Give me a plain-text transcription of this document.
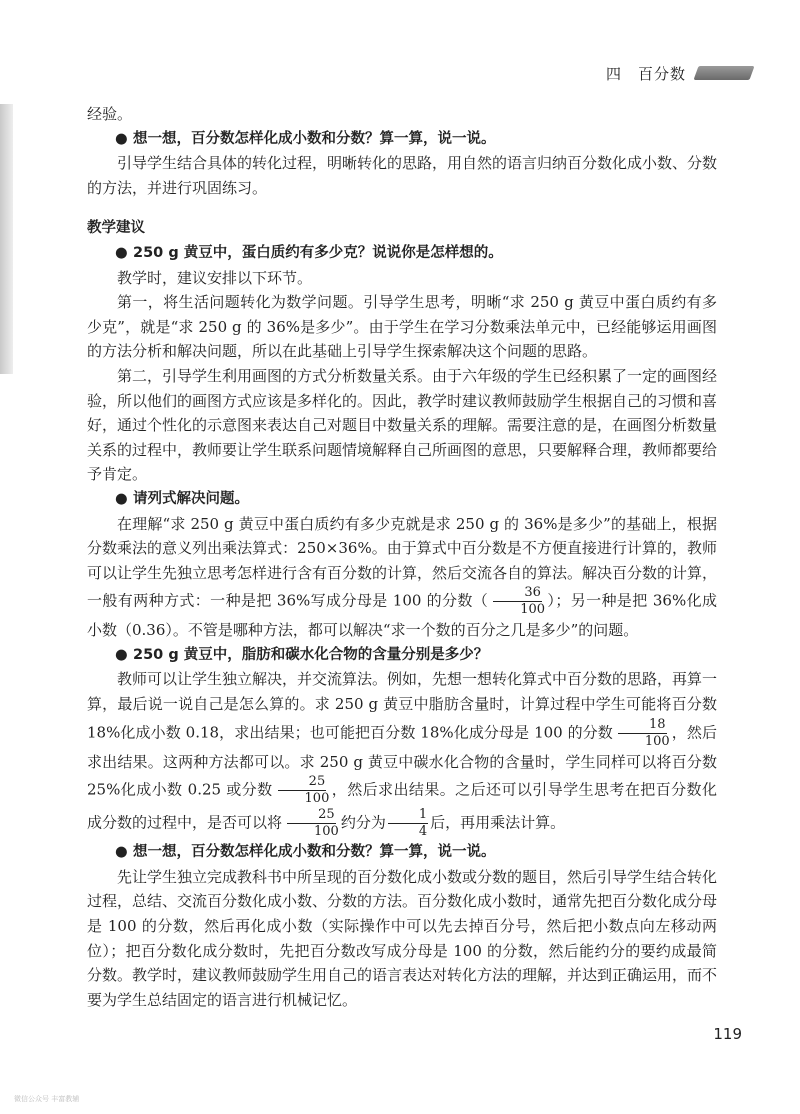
四　百分数

经验。

● 想一想，百分数怎样化成小数和分数？算一算，说一说。

引导学生结合具体的转化过程，明晰转化的思路，用自然的语言归纳百分数化成小数、分数的方法，并进行巩固练习。

教学建议

● 250 g 黄豆中，蛋白质约有多少克？说说你是怎样想的。

教学时，建议安排以下环节。

第一，将生活问题转化为数学问题。引导学生思考，明晰“求 250 g 黄豆中蛋白质约有多少克”，就是“求 250 g 的 36%是多少”。由于学生在学习分数乘法单元中，已经能够运用画图的方法分析和解决问题，所以在此基础上引导学生探索解决这个问题的思路。

第二，引导学生利用画图的方式分析数量关系。由于六年级的学生已经积累了一定的画图经验，所以他们的画图方式应该是多样化的。因此，教学时建议教师鼓励学生根据自己的习惯和喜好，通过个性化的示意图来表达自己对题目中数量关系的理解。需要注意的是，在画图分析数量关系的过程中，教师要让学生联系问题情境解释自己所画图的意思，只要解释合理，教师都要给予肯定。

● 请列式解决问题。

在理解“求 250 g 黄豆中蛋白质约有多少克就是求 250 g 的 36%是多少”的基础上，根据分数乘法的意义列出乘法算式：250×36%。由于算式中百分数是不方便直接进行计算的，教师可以让学生先独立思考怎样进行含有百分数的计算，然后交流各自的算法。解决百分数的计算，一般有两种方式：一种是把 36%写成分母是 100 的分数（ $\frac{36}{100}$ ）；另一种是把 36%化成小数（0.36）。不管是哪种方法，都可以解决“求一个数的百分之几是多少”的问题。

● 250 g 黄豆中，脂肪和碳水化合物的含量分别是多少？

教师可以让学生独立解决，并交流算法。例如，先想一想转化算式中百分数的思路，再算一算，最后说一说自己是怎么算的。求 250 g 黄豆中脂肪含量时，计算过程中学生可能将百分数 18%化成小数 0.18，求出结果；也可能把百分数 18%化成分母是 100 的分数 $\frac{18}{100}$ ，然后求出结果。这两种方法都可以。求 250 g 黄豆中碳水化合物的含量时，学生同样可以将百分数 25%化成小数 0.25 或分数 $\frac{25}{100}$ ，然后求出结果。之后还可以引导学生思考在把百分数化成分数的过程中，是否可以将 $\frac{25}{100}$ 约分为 $\frac{1}{4}$ 后，再用乘法计算。

● 想一想，百分数怎样化成小数和分数？算一算，说一说。

先让学生独立完成教科书中所呈现的百分数化成小数或分数的题目，然后引导学生结合转化过程，总结、交流百分数化成小数、分数的方法。百分数化成小数时，通常先把百分数化成分母是 100 的分数，然后再化成小数（实际操作中可以先去掉百分号，然后把小数点向左移动两位）；把百分数化成分数时，先把百分数改写成分母是 100 的分数，然后能约分的要约成最简分数。教学时，建议教师鼓励学生用自己的语言表达对转化方法的理解，并达到正确运用，而不要为学生总结固定的语言进行机械记忆。

119
微信公众号 丰富教辅
